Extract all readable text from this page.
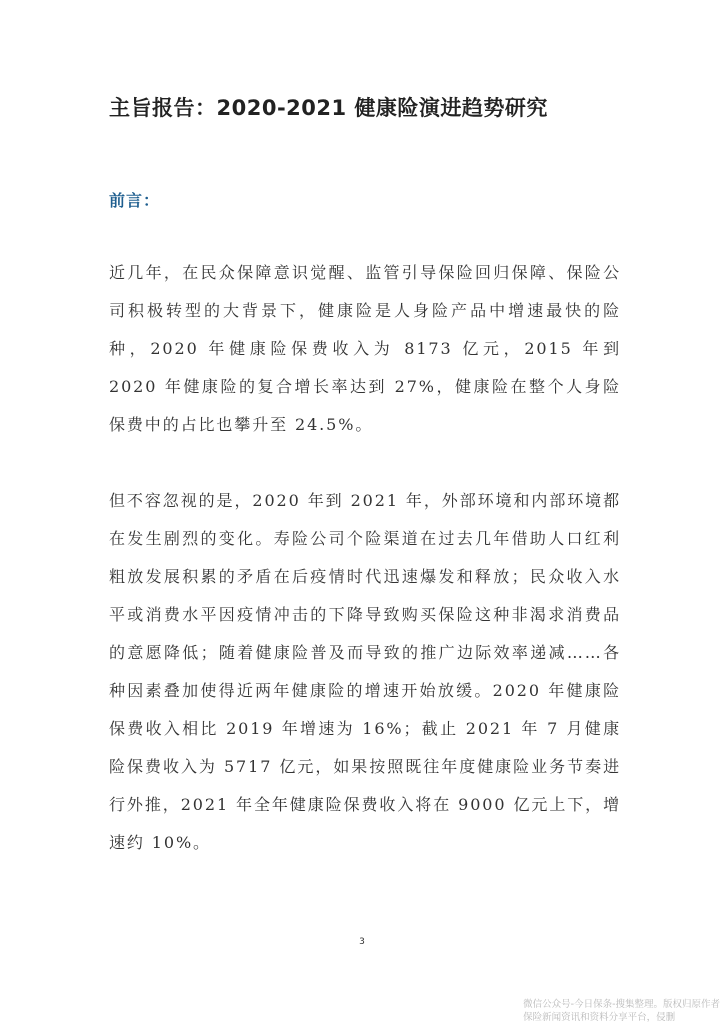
主旨报告：2020-2021 健康险演进趋势研究
前言：

近几年，在民众保障意识觉醒、监管引导保险回归保障、保险公司积极转型的大背景下，健康险是人身险产品中增速最快的险种，2020 年健康险保费收入为 8173 亿元，2015 年到 2020 年健康险的复合增长率达到 27%，健康险在整个人身险保费中的占比也攀升至 24.5%。

但不容忽视的是，2020 年到 2021 年，外部环境和内部环境都在发生剧烈的变化。寿险公司个险渠道在过去几年借助人口红利粗放发展积累的矛盾在后疫情时代迅速爆发和释放；民众收入水平或消费水平因疫情冲击的下降导致购买保险这种非渴求消费品的意愿降低；随着健康险普及而导致的推广边际效率递减……各种因素叠加使得近两年健康险的增速开始放缓。2020 年健康险保费收入相比 2019 年增速为 16%；截止 2021 年 7 月健康险保费收入为 5717 亿元，如果按照既往年度健康险业务节奏进行外推，2021 年全年健康险保费收入将在 9000 亿元上下，增速约 10%。

3
微信公众号-今日保条-搜集整理。版权归原作者
保险新闻资讯和资料分享平台，侵删
